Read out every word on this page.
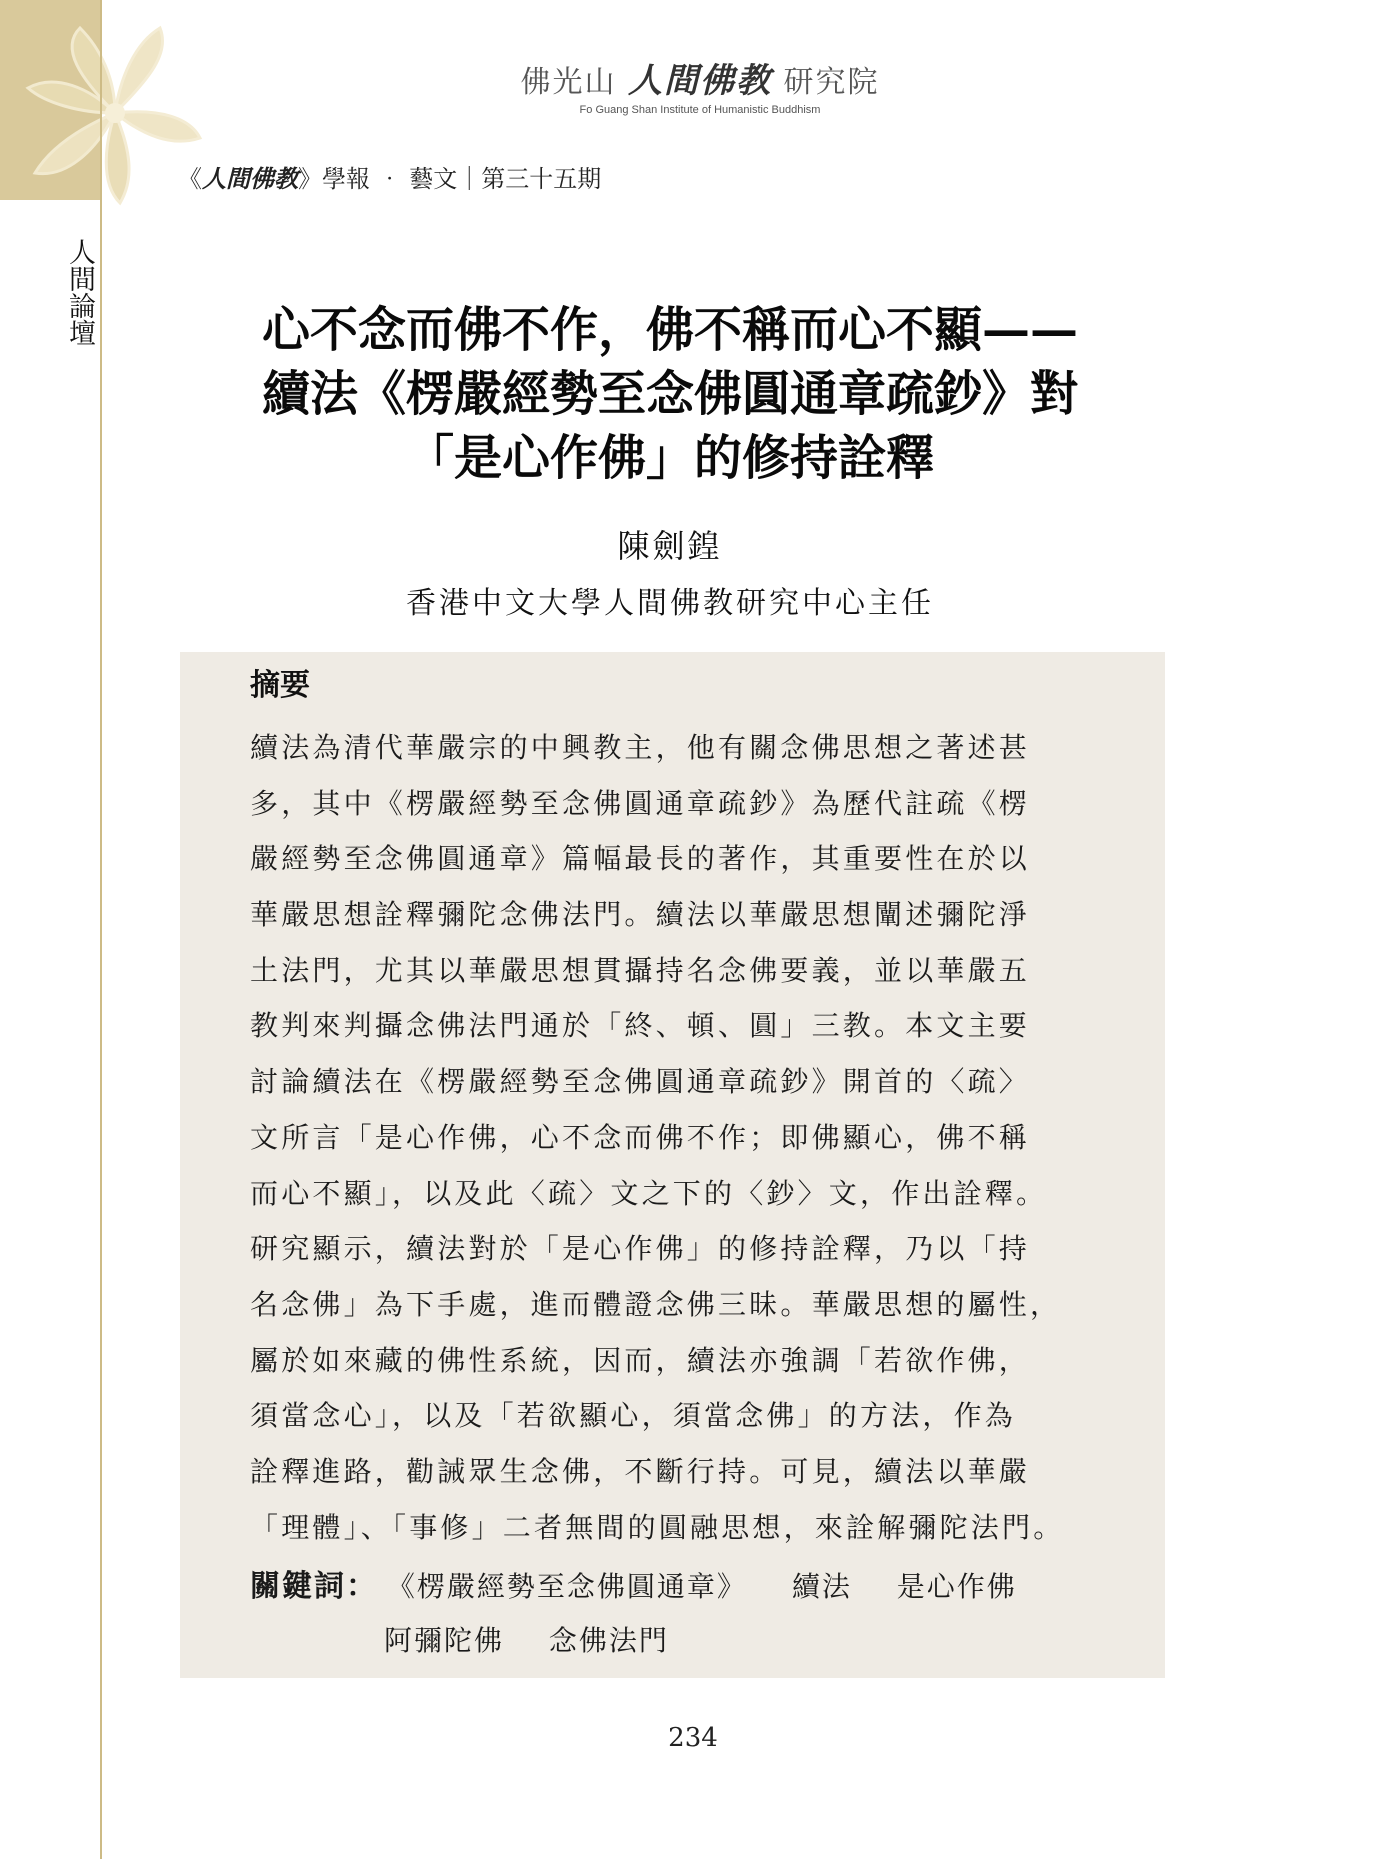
人間論壇
佛光山 人間佛教 研究院
Fo Guang Shan Institute of Humanistic Buddhism
《人間佛教》學報 ‧ 藝文｜第三十五期
心不念而佛不作，佛不稱而心不顯——
續法《楞嚴經勢至念佛圓通章疏鈔》對
「是心作佛」的修持詮釋
陳劍鍠
香港中文大學人間佛教研究中心主任
摘要
續法為清代華嚴宗的中興教主，他有關念佛思想之著述甚
多，其中《楞嚴經勢至念佛圓通章疏鈔》為歷代註疏《楞
嚴經勢至念佛圓通章》篇幅最長的著作，其重要性在於以
華嚴思想詮釋彌陀念佛法門。續法以華嚴思想闡述彌陀淨
土法門，尤其以華嚴思想貫攝持名念佛要義，並以華嚴五
教判來判攝念佛法門通於「終、頓、圓」三教。本文主要
討論續法在《楞嚴經勢至念佛圓通章疏鈔》開首的〈疏〉
文所言「是心作佛，心不念而佛不作；即佛顯心，佛不稱
而心不顯」，以及此〈疏〉文之下的〈鈔〉文，作出詮釋。
研究顯示，續法對於「是心作佛」的修持詮釋，乃以「持
名念佛」為下手處，進而體證念佛三昧。華嚴思想的屬性，
屬於如來藏的佛性系統，因而，續法亦強調「若欲作佛，
須當念心」，以及「若欲顯心，須當念佛」的方法，作為
詮釋進路，勸誡眾生念佛，不斷行持。可見，續法以華嚴
「理體」、「事修」二者無間的圓融思想，來詮解彌陀法門。
關鍵詞： 《楞嚴經勢至念佛圓通章》 續法 是心作佛
阿彌陀佛 念佛法門
234
